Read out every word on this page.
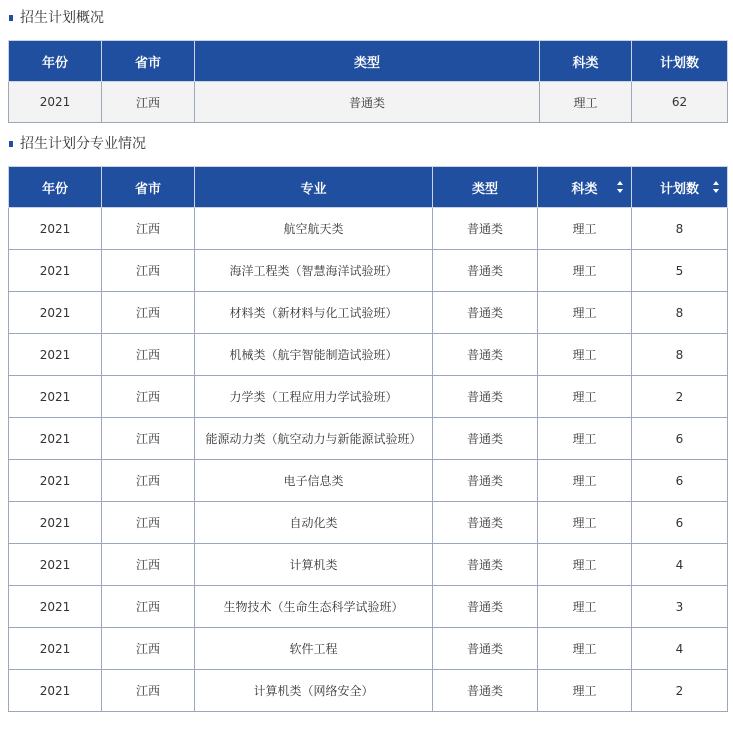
招生计划概况
年份	省市	类型	科类	计划数
2021	江西	普通类	理工	62
招生计划分专业情况
年份	省市	专业	类型	科类	计划数

2021	江西	航空航天类	普通类	理工	8
2021	江西	海洋工程类（智慧海洋试验班）	普通类	理工	5
2021	江西	材料类（新材料与化工试验班）	普通类	理工	8
2021	江西	机械类（航宇智能制造试验班）	普通类	理工	8
2021	江西	力学类（工程应用力学试验班）	普通类	理工	2
2021	江西	能源动力类（航空动力与新能源试验班）	普通类	理工	6
2021	江西	电子信息类	普通类	理工	6
2021	江西	自动化类	普通类	理工	6
2021	江西	计算机类	普通类	理工	4
2021	江西	生物技术（生命生态科学试验班）	普通类	理工	3
2021	江西	软件工程	普通类	理工	4
2021	江西	计算机类（网络安全）	普通类	理工	2
